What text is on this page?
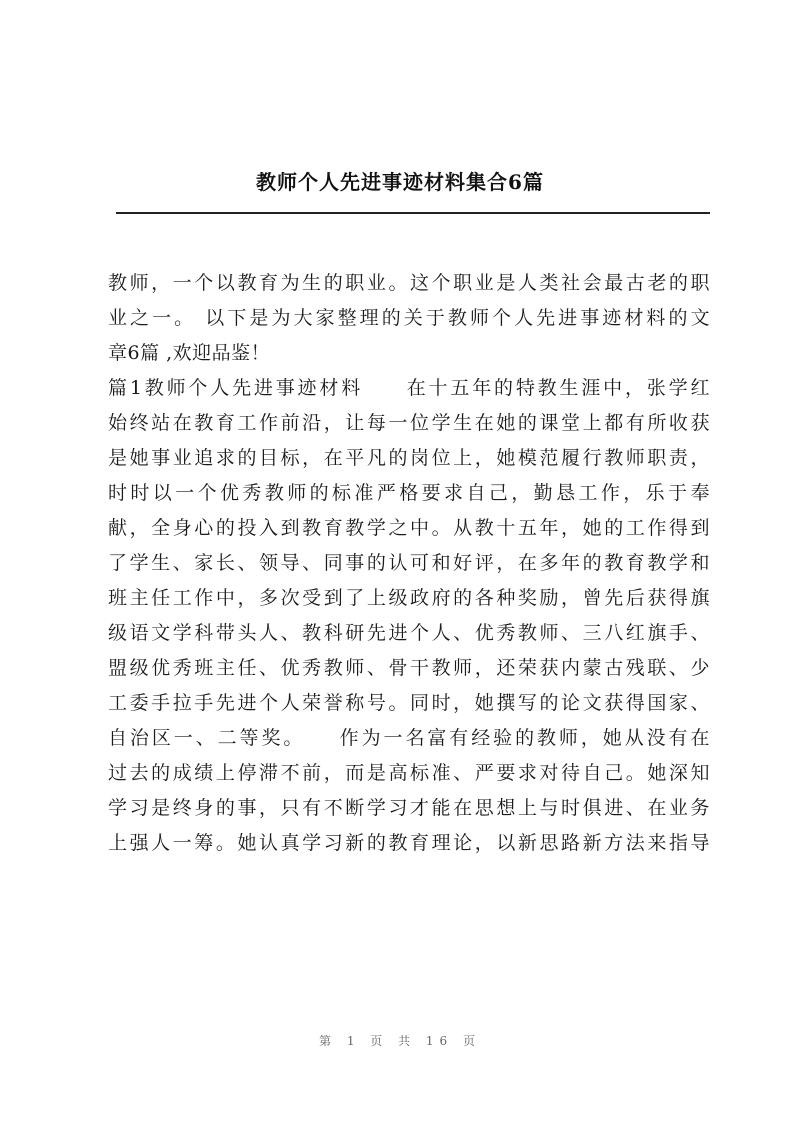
教师个人先进事迹材料集合6篇
教师，一个以教育为生的职业。这个职业是人类社会最古老的职
业之一。 以下是为大家整理的关于教师个人先进事迹材料的文
章6篇 ,欢迎品鉴！
篇1教师个人先进事迹材料　　在十五年的特教生涯中，张学红
始终站在教育工作前沿，让每一位学生在她的课堂上都有所收获
是她事业追求的目标，在平凡的岗位上，她模范履行教师职责，
时时以一个优秀教师的标准严格要求自己，勤恳工作，乐于奉
献，全身心的投入到教育教学之中。从教十五年，她的工作得到
了学生、家长、领导、同事的认可和好评，在多年的教育教学和
班主任工作中，多次受到了上级政府的各种奖励，曾先后获得旗
级语文学科带头人、教科研先进个人、优秀教师、三八红旗手、
盟级优秀班主任、优秀教师、骨干教师，还荣获内蒙古残联、少
工委手拉手先进个人荣誉称号。同时，她撰写的论文获得国家、
自治区一、二等奖。　　作为一名富有经验的教师，她从没有在
过去的成绩上停滞不前，而是高标准、严要求对待自己。她深知
学习是终身的事，只有不断学习才能在思想上与时俱进、在业务
上强人一筹。她认真学习新的教育理论，以新思路新方法来指导
第 1 页 共 16 页
